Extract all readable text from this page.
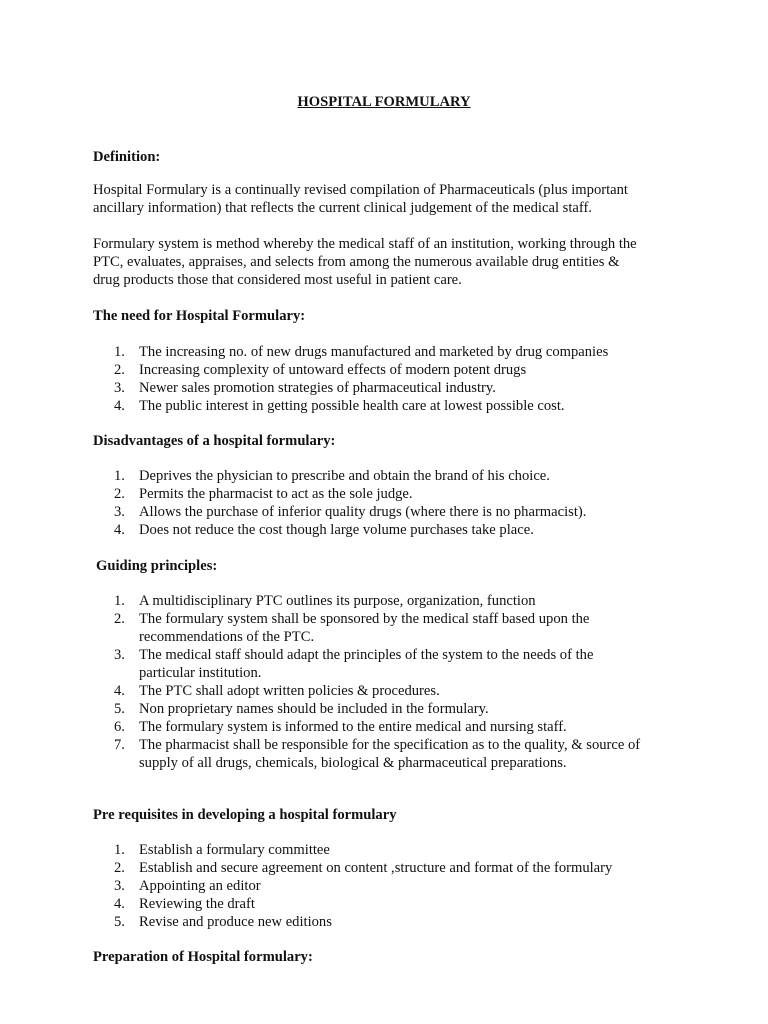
HOSPITAL FORMULARY
Definition:
Hospital Formulary is a continually revised compilation of Pharmaceuticals (plus important
ancillary information) that reflects the current clinical judgement of the medical staff.
Formulary system is method whereby the medical staff of an institution, working through the
PTC, evaluates, appraises, and selects from among the numerous available drug entities &
drug products those that considered most useful in patient care.
The need for Hospital Formulary:
1. The increasing no. of new drugs manufactured and marketed by drug companies
2. Increasing complexity of untoward effects of modern potent drugs
3. Newer sales promotion strategies of pharmaceutical industry.
4. The public interest in getting possible health care at lowest possible cost.
Disadvantages of a hospital formulary:
1. Deprives the physician to prescribe and obtain the brand of his choice.
2. Permits the pharmacist to act as the sole judge.
3. Allows the purchase of inferior quality drugs (where there is no pharmacist).
4. Does not reduce the cost though large volume purchases take place.
Guiding principles:
1. A multidisciplinary PTC outlines its purpose, organization, function
2. The formulary system shall be sponsored by the medical staff based upon the
recommendations of the PTC.
3. The medical staff should adapt the principles of the system to the needs of the
particular institution.
4. The PTC shall adopt written policies & procedures.
5. Non proprietary names should be included in the formulary.
6. The formulary system is informed to the entire medical and nursing staff.
7. The pharmacist shall be responsible for the specification as to the quality, & source of
supply of all drugs, chemicals, biological & pharmaceutical preparations.
Pre requisites in developing a hospital formulary
1. Establish a formulary committee
2. Establish and secure agreement on content ,structure and format of the formulary
3. Appointing an editor
4. Reviewing the draft
5. Revise and produce new editions
Preparation of Hospital formulary:
